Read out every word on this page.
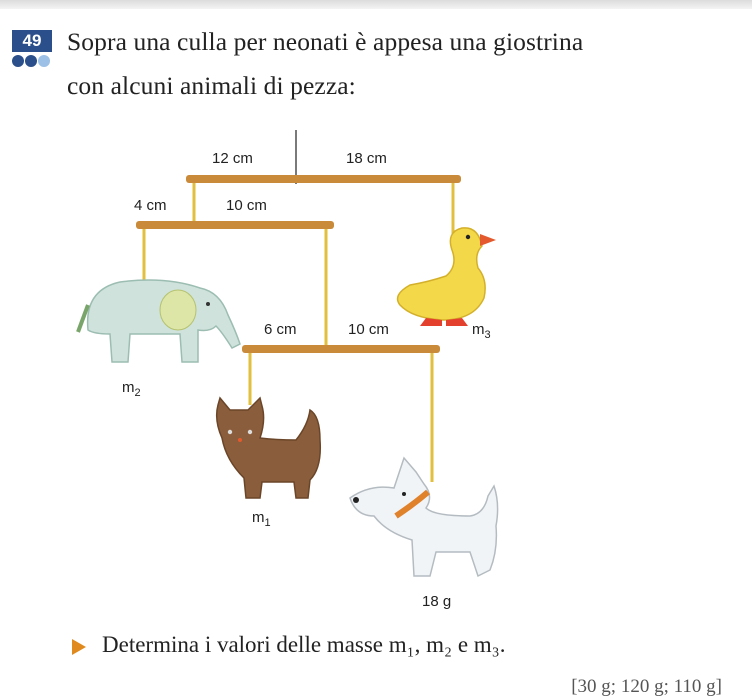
49	Sopra una culla per neonati è appesa una giostrina
con alcuni animali di pezza:
12 cm	18 cm
4 cm	10 cm
6 cm	10 cm
$m_2$
$m_3$
$m_1$
18 g
Determina i valori delle masse m₁, m₂ e m₃.
[30 g; 120 g; 110 g]
